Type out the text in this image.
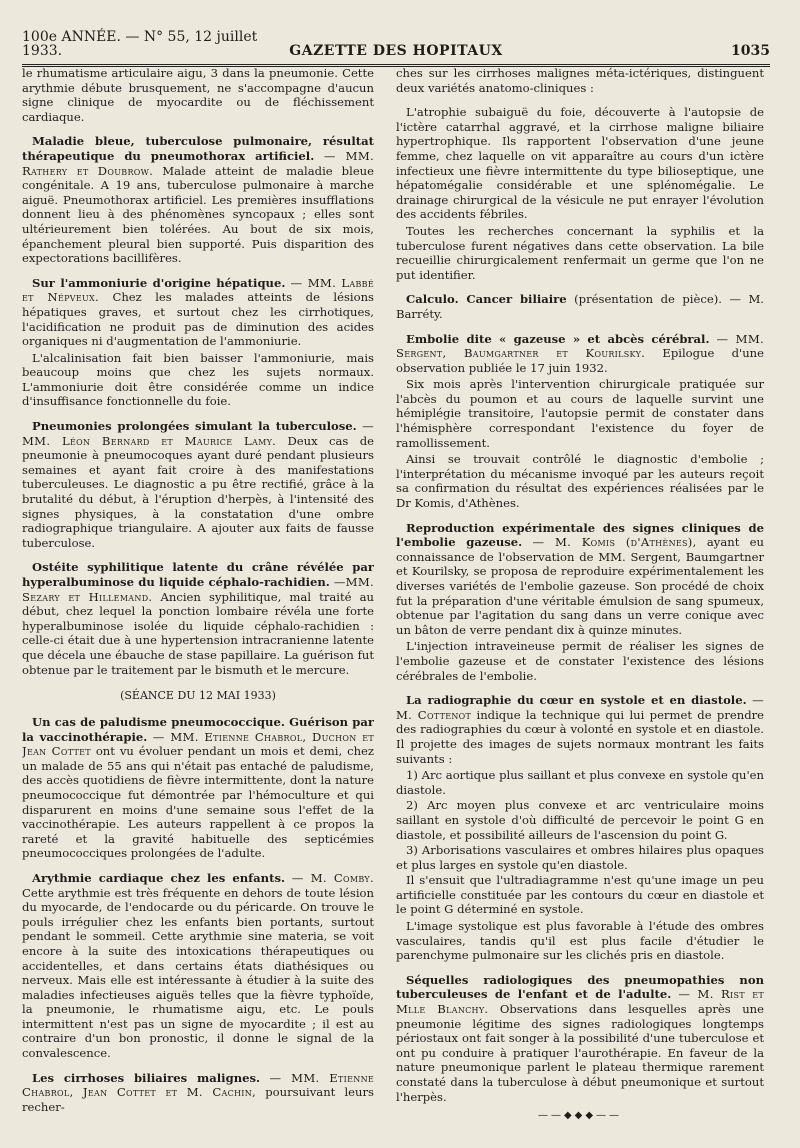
100e ANNÉE. — N° 55, 12 juillet 1933.	GAZETTE DES HOPITAUX	1035

le rhumatisme articulaire aigu, 3 dans la pneumonie. Cette arythmie débute brusquement, ne s'accompagne d'aucun signe clinique de myocardite ou de fléchissement cardiaque.

Maladie bleue, tuberculose pulmonaire, résultat thérapeutique du pneumothorax artificiel. — MM. Rathery et Doubrow. Malade atteint de maladie bleue congénitale. A 19 ans, tuberculose pulmonaire à marche aiguë. Pneumothorax artificiel. Les premières insufflations donnent lieu à des phénomènes syncopaux ; elles sont ultérieurement bien tolérées. Au bout de six mois, épanchement pleural bien supporté. Puis disparition des expectorations bacillifères.

Sur l'ammoniurie d'origine hépatique. — MM. Labbé et Népveux. Chez les malades atteints de lésions hépatiques graves, et surtout chez les cirrhotiques, l'acidification ne produit pas de diminution des acides organiques ni d'augmentation de l'ammoniurie.

L'alcalinisation fait bien baisser l'ammoniurie, mais beaucoup moins que chez les sujets normaux. L'ammoniurie doit être considérée comme un indice d'insuffisance fonctionnelle du foie.

Pneumonies prolongées simulant la tuberculose. — MM. Léon Bernard et Maurice Lamy. Deux cas de pneumonie à pneumocoques ayant duré pendant plusieurs semaines et ayant fait croire à des manifestations tuberculeuses. Le diagnostic a pu être rectifié, grâce à la brutalité du début, à l'éruption d'herpès, à l'intensité des signes physiques, à la constatation d'une ombre radiographique triangulaire. A ajouter aux faits de fausse tuberculose.

Ostéite syphilitique latente du crâne révélée par hyperalbuminose du liquide céphalo-rachidien. —MM. Sezary et Hillemand. Ancien syphilitique, mal traité au début, chez lequel la ponction lombaire révéla une forte hyperalbuminose isolée du liquide céphalo-rachidien : celle-ci était due à une hypertension intracranienne latente que décela une ébauche de stase papillaire. La guérison fut obtenue par le traitement par le bismuth et le mercure.

(SÉANCE DU 12 MAI 1933)

Un cas de paludisme pneumococcique. Guérison par la vaccinothérapie. — MM. Etienne Chabrol, Duchon et Jean Cottet ont vu évoluer pendant un mois et demi, chez un malade de 55 ans qui n'était pas entaché de paludisme, des accès quotidiens de fièvre intermittente, dont la nature pneumococcique fut démontrée par l'hémoculture et qui disparurent en moins d'une semaine sous l'effet de la vaccinothérapie. Les auteurs rappellent à ce propos la rareté et la gravité habituelle des septicémies pneumococciques prolongées de l'adulte.

Arythmie cardiaque chez les enfants. — M. Comby. Cette arythmie est très fréquente en dehors de toute lésion du myocarde, de l'endocarde ou du péricarde. On trouve le pouls irrégulier chez les enfants bien portants, surtout pendant le sommeil. Cette arythmie sine materia, se voit encore à la suite des intoxications thérapeutiques ou accidentelles, et dans certains états diathésiques ou nerveux. Mais elle est intéressante à étudier à la suite des maladies infectieuses aiguës telles que la fièvre typhoïde, la pneumonie, le rhumatisme aigu, etc. Le pouls intermittent n'est pas un signe de myocardite ; il est au contraire d'un bon pronostic, il donne le signal de la convalescence.

Les cirrhoses biliaires malignes. — MM. Etienne Chabrol, Jean Cottet et M. Cachin, poursuivant leurs recher-

ches sur les cirrhoses malignes méta-ictériques, distinguent deux variétés anatomo-cliniques :

L'atrophie subaiguë du foie, découverte à l'autopsie de l'ictère catarrhal aggravé, et la cirrhose maligne biliaire hypertrophique. Ils rapportent l'observation d'une jeune femme, chez laquelle on vit apparaître au cours d'un ictère infectieux une fièvre intermittente du type bilioseptique, une hépatomégalie considérable et une splénomégalie. Le drainage chirurgical de la vésicule ne put enrayer l'évolution des accidents fébriles.

Toutes les recherches concernant la syphilis et la tuberculose furent négatives dans cette observation. La bile recueillie chirurgicalement renfermait un germe que l'on ne put identifier.

Calculo. Cancer biliaire (présentation de pièce). — M. Barréty.

Embolie dite « gazeuse » et abcès cérébral. — MM. Sergent, Baumgartner et Kourilsky. Epilogue d'une observation publiée le 17 juin 1932.

Six mois après l'intervention chirurgicale pratiquée sur l'abcès du poumon et au cours de laquelle survint une hémiplégie transitoire, l'autopsie permit de constater dans l'hémisphère correspondant l'existence du foyer de ramollissement.

Ainsi se trouvait contrôlé le diagnostic d'embolie ; l'interprétation du mécanisme invoqué par les auteurs reçoit sa confirmation du résultat des expériences réalisées par le Dr Komis, d'Athènes.

Reproduction expérimentale des signes cliniques de l'embolie gazeuse. — M. Komis (d'Athènes), ayant eu connaissance de l'observation de MM. Sergent, Baumgartner et Kourilsky, se proposa de reproduire expérimentalement les diverses variétés de l'embolie gazeuse. Son procédé de choix fut la préparation d'une véritable émulsion de sang spumeux, obtenue par l'agitation du sang dans un verre conique avec un bâton de verre pendant dix à quinze minutes.

L'injection intraveineuse permit de réaliser les signes de l'embolie gazeuse et de constater l'existence des lésions cérébrales de l'embolie.

La radiographie du cœur en systole et en diastole. — M. Cottenot indique la technique qui lui permet de prendre des radiographies du cœur à volonté en systole et en diastole. Il projette des images de sujets normaux montrant les faits suivants :

1) Arc aortique plus saillant et plus convexe en systole qu'en diastole.

2) Arc moyen plus convexe et arc ventriculaire moins saillant en systole d'où difficulté de percevoir le point G en diastole, et possibilité ailleurs de l'ascension du point G.

3) Arborisations vasculaires et ombres hilaires plus opaques et plus larges en systole qu'en diastole.

Il s'ensuit que l'ultradiagramme n'est qu'une image un peu artificielle constituée par les contours du cœur en diastole et le point G déterminé en systole.

L'image systolique est plus favorable à l'étude des ombres vasculaires, tandis qu'il est plus facile d'étudier le parenchyme pulmonaire sur les clichés pris en diastole.

Séquelles radiologiques des pneumopathies non tuberculeuses de l'enfant et de l'adulte. — M. Rist et Mlle Blanchy. Observations dans lesquelles après une pneumonie légitime des signes radiologiques longtemps périostaux ont fait songer à la possibilité d'une tuberculose et ont pu conduire à pratiquer l'aurothérapie. En faveur de la nature pneumonique parlent le plateau thermique rarement constaté dans la tuberculose à début pneumonique et surtout l'herpès.

——◆◆◆——
